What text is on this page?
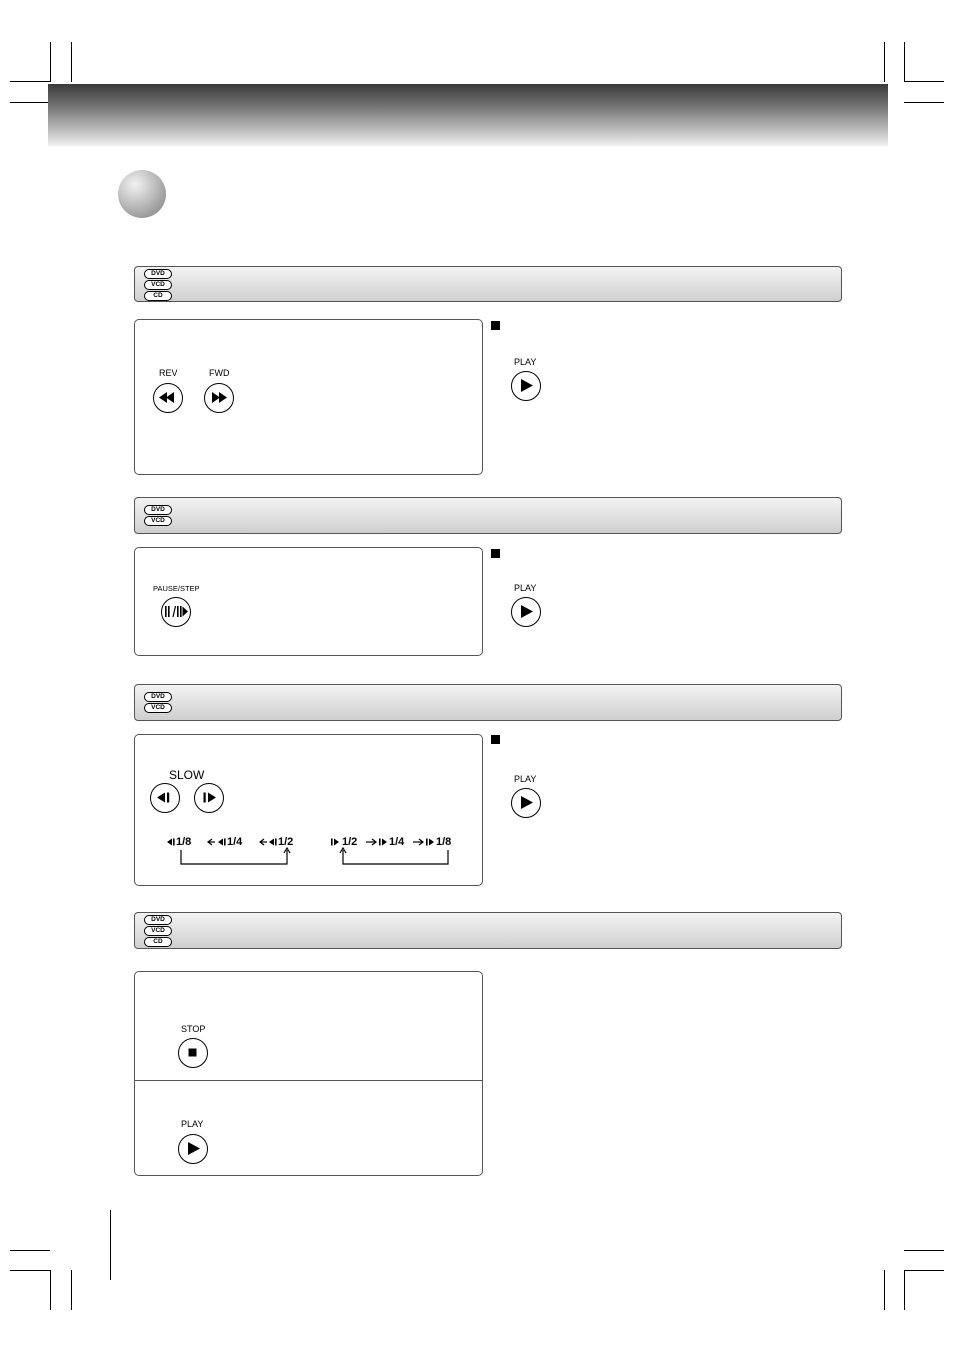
DVD
VCD
CD
REV	FWD
PLAY
DVD
VCD
PAUSE/STEP	PLAY
DVD
VCD
SLOW
1/8	1/4	1/2	1/2	1/4	1/8
PLAY
DVD
VCD
CD
STOP
PLAY
